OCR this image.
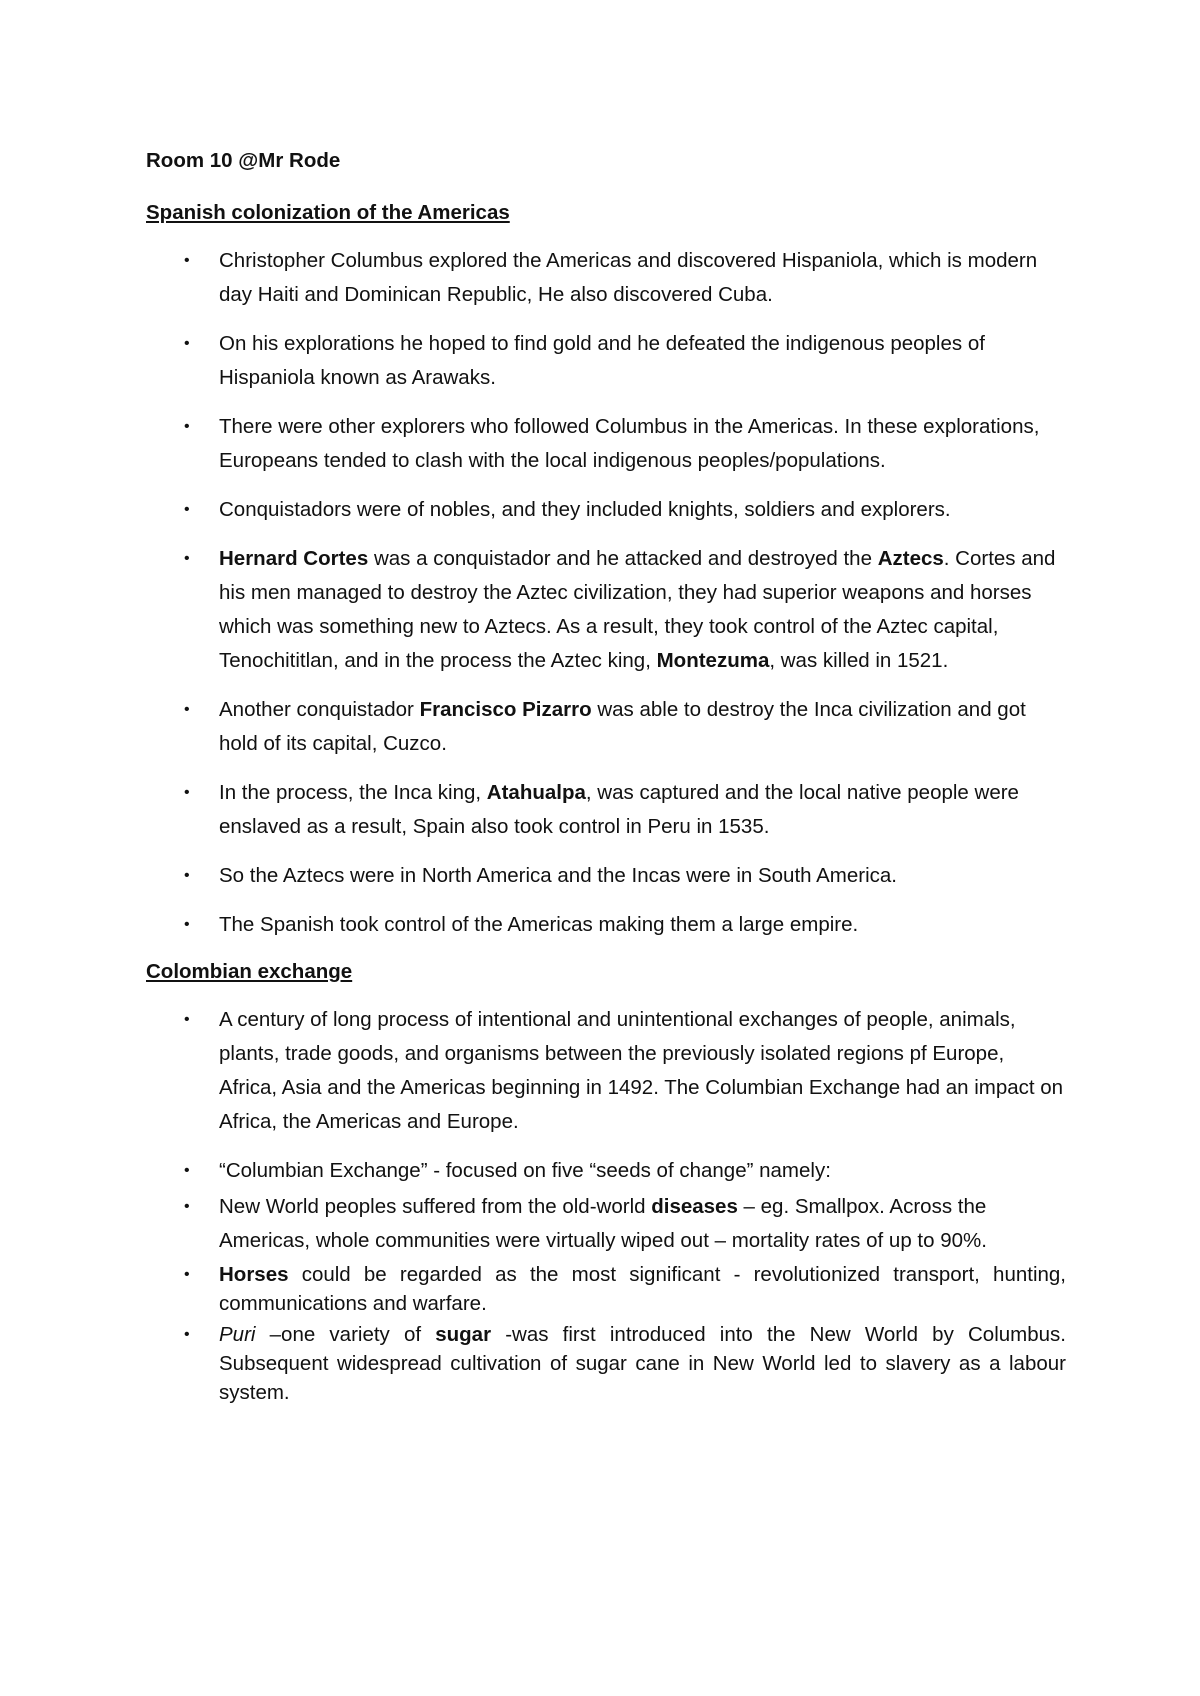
Room 10 @Mr Rode

Spanish colonization of the Americas

• Christopher Columbus explored the Americas and discovered Hispaniola, which is modern day Haiti and Dominican Republic, He also discovered Cuba.
• On his explorations he hoped to find gold and he defeated the indigenous peoples of Hispaniola known as Arawaks.
• There were other explorers who followed Columbus in the Americas. In these explorations, Europeans tended to clash with the local indigenous peoples/populations.
• Conquistadors were of nobles, and they included knights, soldiers and explorers.
• Hernard Cortes was a conquistador and he attacked and destroyed the Aztecs. Cortes and his men managed to destroy the Aztec civilization, they had superior weapons and horses which was something new to Aztecs. As a result, they took control of the Aztec capital, Tenochititlan, and in the process the Aztec king, Montezuma, was killed in 1521.
• Another conquistador Francisco Pizarro was able to destroy the Inca civilization and got hold of its capital, Cuzco.
• In the process, the Inca king, Atahualpa, was captured and the local native people were enslaved as a result, Spain also took control in Peru in 1535.
• So the Aztecs were in North America and the Incas were in South America.
• The Spanish took control of the Americas making them a large empire.

Colombian exchange

• A century of long process of intentional and unintentional exchanges of people, animals, plants, trade goods, and organisms between the previously isolated regions pf Europe, Africa, Asia and the Americas beginning in 1492. The Columbian Exchange had an impact on Africa, the Americas and Europe.
• “Columbian Exchange” - focused on five “seeds of change” namely:
• New World peoples suffered from the old-world diseases – eg. Smallpox. Across the Americas, whole communities were virtually wiped out – mortality rates of up to 90%.
• Horses could be regarded as the most significant - revolutionized transport, hunting, communications and warfare.
• Puri –one variety of sugar -was first introduced into the New World by Columbus. Subsequent widespread cultivation of sugar cane in New World led to slavery as a labour system.
